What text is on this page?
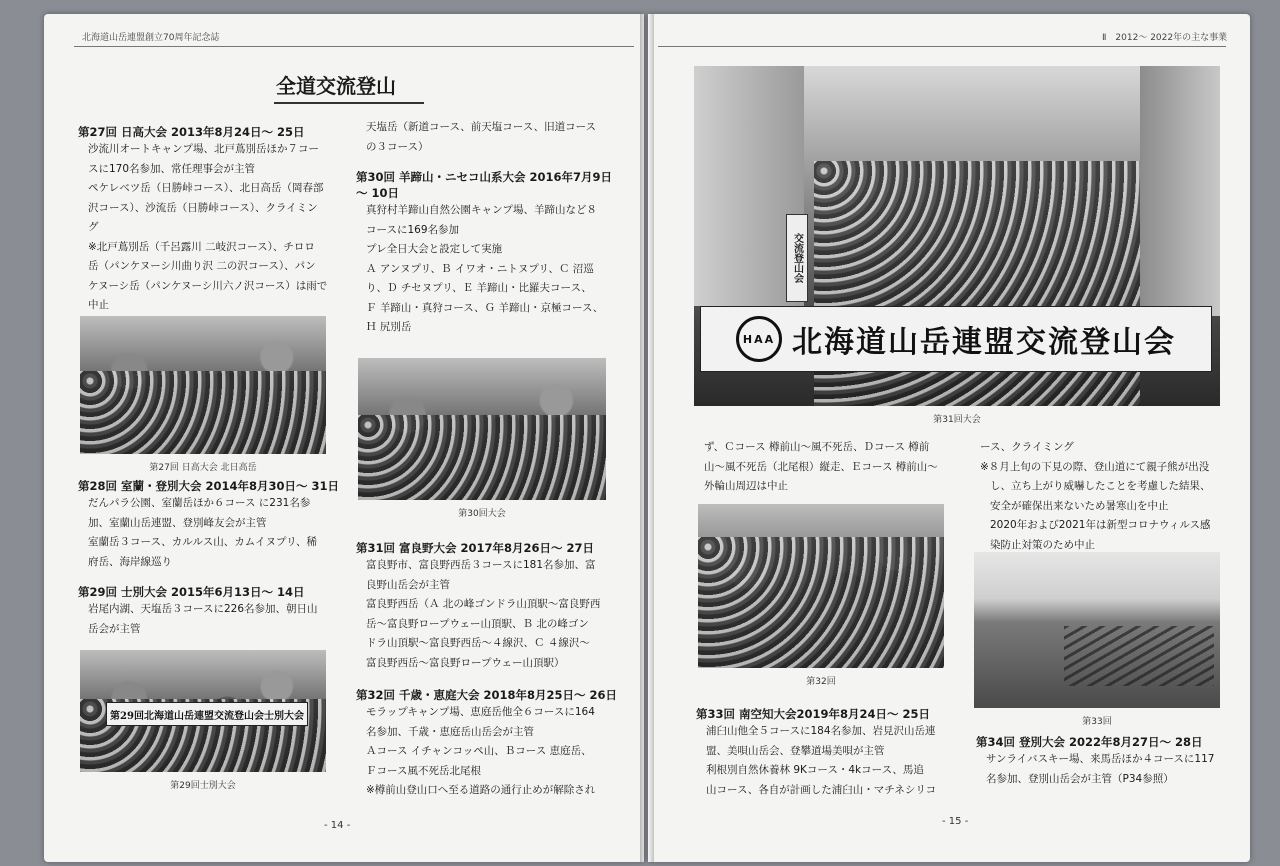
北海道山岳連盟創立70周年記念誌
全道交流登山
第27回 日高大会 2013年8月24日～ 25日
沙流川オートキャンプ場、北戸蔦別岳ほか７コー
スに170名参加、常任理事会が主管
ペケレベツ岳（日勝峠コース）、北日高岳（岡春部
沢コース）、沙流岳（日勝峠コース）、クライミン
グ
※北戸蔦別岳（千呂露川 二岐沢コース）、チロロ
岳（パンケヌーシ川曲り沢 二の沢コース）、パン
ケヌーシ岳（パンケヌーシ川六ノ沢コース）は雨で
中止
第27回 日高大会 北日高岳
第28回 室蘭・登別大会 2014年8月30日～ 31日
だんパラ公園、室蘭岳ほか６コース に231名参
加、室蘭山岳連盟、登別峰友会が主管
室蘭岳３コース、カルルス山、カムイヌプリ、稀
府岳、海岸線巡り
第29回 士別大会 2015年6月13日～ 14日
岩尾内湖、天塩岳３コースに226名参加、朝日山
岳会が主管
第29回北海道山岳連盟交流登山会士別大会
第29回士別大会
天塩岳（新道コース、前天塩コース、旧道コース
の３コース）
第30回 羊蹄山・ニセコ山系大会 2016年7月9日
～ 10日
真狩村羊蹄山自然公園キャンプ場、羊蹄山など８
コースに169名参加
プレ全日大会と設定して実施
Ａ アンヌプリ、Ｂ イワオ・ニトヌプリ、Ｃ 沼巡
り、Ｄ チセヌプリ、Ｅ 羊蹄山・比羅夫コース、
Ｆ 羊蹄山・真狩コース、Ｇ 羊蹄山・京極コース、
Ｈ 尻別岳
第30回大会
第31回 富良野大会 2017年8月26日～ 27日
富良野市、富良野西岳３コースに181名参加、富
良野山岳会が主管
富良野西岳（Ａ 北の峰ゴンドラ山頂駅～富良野西
岳～富良野ロープウェー山頂駅、Ｂ 北の峰ゴン
ドラ山頂駅～富良野西岳～４線沢、Ｃ ４線沢～
富良野西岳～富良野ロープウェー山頂駅）
第32回 千歳・恵庭大会 2018年8月25日～ 26日
モラップキャンプ場、恵庭岳他全６コースに164
名参加、千歳・恵庭岳山岳会が主管
Ａコース イチャンコッペ山、Ｂコース 恵庭岳、
Ｆコース風不死岳北尾根
※樽前山登山口へ至る道路の通行止めが解除され
- 14 -
Ⅱ　2012～ 2022年の主な事業
交流登山会
HAA 北海道山岳連盟交流登山会
第31回大会
ず、Ｃコース 樽前山～風不死岳、Ｄコース 樽前
山～風不死岳（北尾根）縦走、Ｅコース 樽前山～
外輪山周辺は中止
第32回
第33回 南空知大会2019年8月24日～ 25日
浦臼山他全５コースに184名参加、岩見沢山岳連
盟、美唄山岳会、登攀道場美唄が主管
利根別自然休養林 9Kコース・4kコース、馬追
山コース、各自が計画した浦臼山・マチネシリコ
ース、クライミング
※８月上旬の下見の際、登山道にて親子熊が出没
し、立ち上がり威嚇したことを考慮した結果、
安全が確保出来ないため暑寒山を中止
2020年および2021年は新型コロナウィルス感
染防止対策のため中止
第33回
第34回 登別大会 2022年8月27日～ 28日
サンライバスキー場、来馬岳ほか４コースに117
名参加、登別山岳会が主管（P34参照）
- 15 -
